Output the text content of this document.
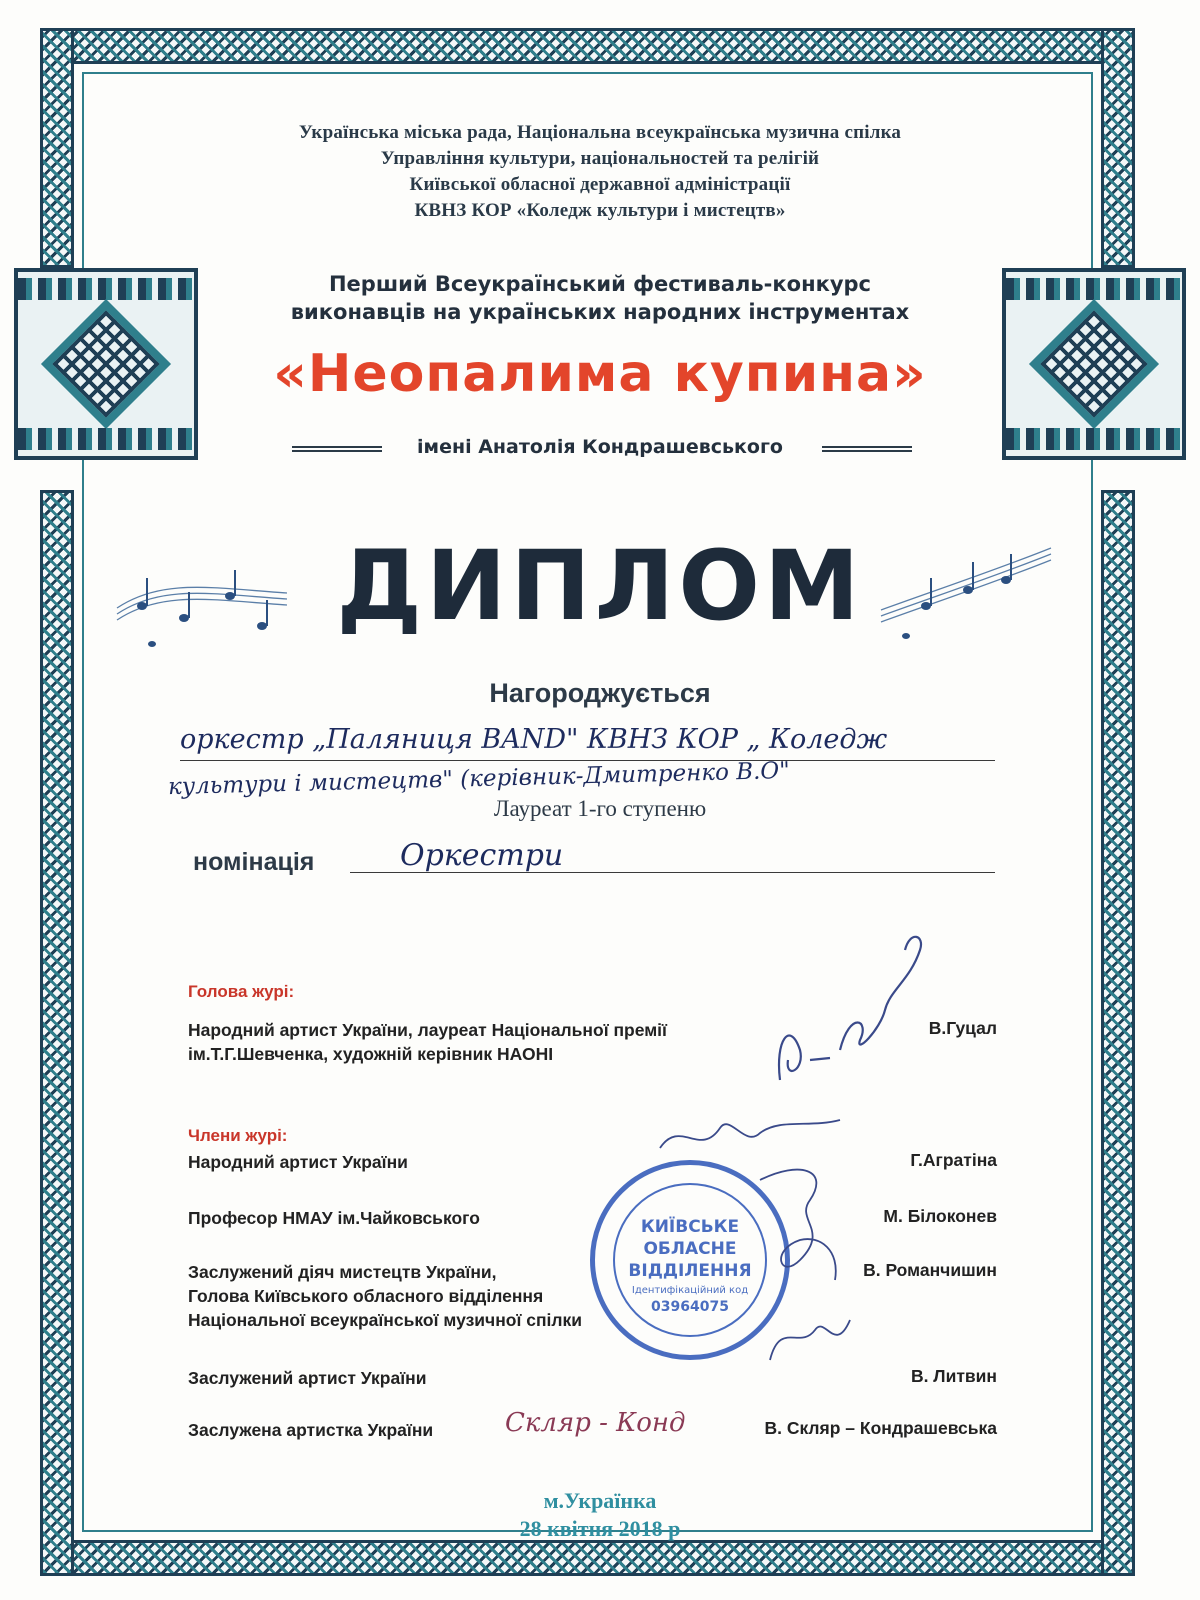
Українська міська рада, Національна всеукраїнська музична спілка
Управління культури, національностей та релігій
Київської обласної державної адміністрації
КВНЗ КОР «Коледж культури і мистецтв»
Перший Всеукраїнський фестиваль-конкурс
виконавців на українських народних інструментах
«Неопалима купина»
імені Анатолія Кондрашевського
ДИПЛОМ
Нагороджується
оркестр „Паляниця BAND" КВНЗ КОР „ Коледж
культури і мистецтв" (керівник-Дмитренко В.О"
Лауреат 1-го ступеню
номінація	Оркестри
Голова журі:
Народний артист України, лауреат Національної премії
ім.Т.Г.Шевченка, художній керівник НАОНІ
В.Гуцал
Члени журі:
Народний артист України	Г.Агратіна
Професор НМАУ ім.Чайковського	М. Білоконев
Заслужений діяч мистецтв України,
Голова Київського обласного відділення
Національної всеукраїнської музичної спілки
В. Романчишин
Заслужений артист України	В. Литвин
Заслужена артистка України	В. Скляр – Кондрашевська
КИЇВСЬКЕ
ОБЛАСНЕ
ВІДДІЛЕННЯ
Ідентифікаційний код
03964075
Скляр - Конд
м.Українка
28 квітня 2018 р
